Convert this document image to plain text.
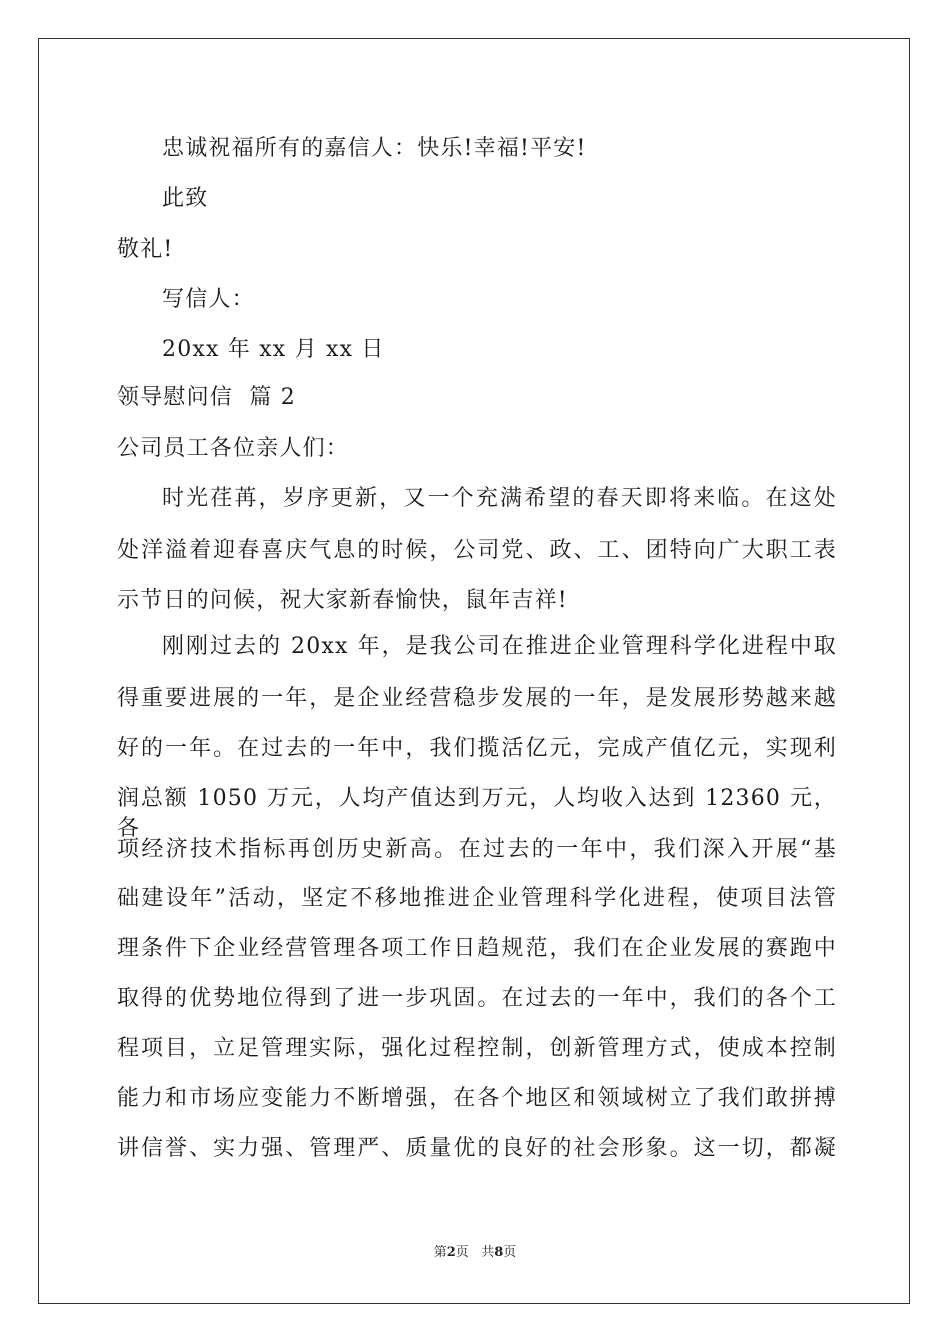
忠诚祝福所有的嘉信人：快乐!幸福!平安!
此致
敬礼!
写信人：
20xx 年 xx 月 xx 日
领导慰问信  篇 2
公司员工各位亲人们：
时光荏苒，岁序更新，又一个充满希望的春天即将来临。在这处
处洋溢着迎春喜庆气息的时候，公司党、政、工、团特向广大职工表
示节日的问候，祝大家新春愉快，鼠年吉祥!
刚刚过去的 20xx 年，是我公司在推进企业管理科学化进程中取
得重要进展的一年，是企业经营稳步发展的一年，是发展形势越来越
好的一年。在过去的一年中，我们揽活亿元，完成产值亿元，实现利
润总额 1050 万元，人均产值达到万元，人均收入达到 12360 元，各
项经济技术指标再创历史新高。在过去的一年中，我们深入开展“基
础建设年”活动，坚定不移地推进企业管理科学化进程，使项目法管
理条件下企业经营管理各项工作日趋规范，我们在企业发展的赛跑中
取得的优势地位得到了进一步巩固。在过去的一年中，我们的各个工
程项目，立足管理实际，强化过程控制，创新管理方式，使成本控制
能力和市场应变能力不断增强，在各个地区和领域树立了我们敢拼搏
讲信誉、实力强、管理严、质量优的良好的社会形象。这一切，都凝
第2页   共8页
